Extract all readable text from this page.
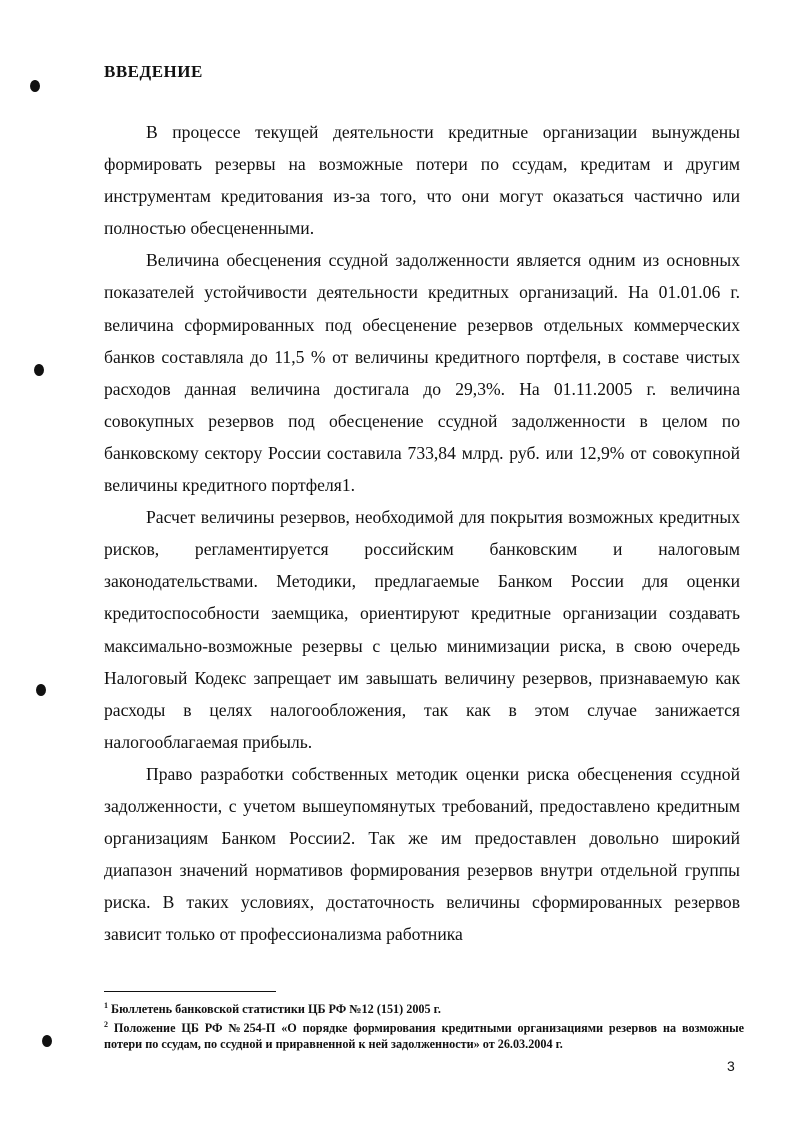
ВВЕДЕНИЕ

В процессе текущей деятельности кредитные организации вынуждены формировать резервы на возможные потери по ссудам, кредитам и другим инструментам кредитования из-за того, что они могут оказаться частично или полностью обесцененными.

Величина обесценения ссудной задолженности является одним из основных показателей устойчивости деятельности кредитных организаций. На 01.01.06 г. величина сформированных под обесценение резервов отдельных коммерческих банков составляла до 11,5 % от величины кредитного портфеля, в составе чистых расходов данная величина достигала до 29,3%. На 01.11.2005 г. величина совокупных резервов под обесценение ссудной задолженности в целом по банковскому сектору России составила 733,84 млрд. руб. или 12,9% от совокупной величины кредитного портфеля1.

Расчет величины резервов, необходимой для покрытия возможных кредитных рисков, регламентируется российским банковским и налоговым законодательствами. Методики, предлагаемые Банком России для оценки кредитоспособности заемщика, ориентируют кредитные организации создавать максимально-возможные резервы с целью минимизации риска, в свою очередь Налоговый Кодекс запрещает им завышать величину резервов, признаваемую как расходы в целях налогообложения, так как в этом случае занижается налогооблагаемая прибыль.

Право разработки собственных методик оценки риска обесценения ссудной задолженности, с учетом вышеупомянутых требований, предоставлено кредитным организациям Банком России2. Так же им предоставлен довольно широкий диапазон значений нормативов формирования резервов внутри отдельной группы риска. В таких условиях, достаточность величины сформированных резервов зависит только от профессионализма работника

$^1$ Бюллетень банковской статистики ЦБ РФ №12 (151) 2005 г.

$^2$ Положение ЦБ РФ №254-П «О порядке формирования кредитными организациями резервов на возможные потери по ссудам, по ссудной и приравненной к ней задолженности» от 26.03.2004 г.

3
